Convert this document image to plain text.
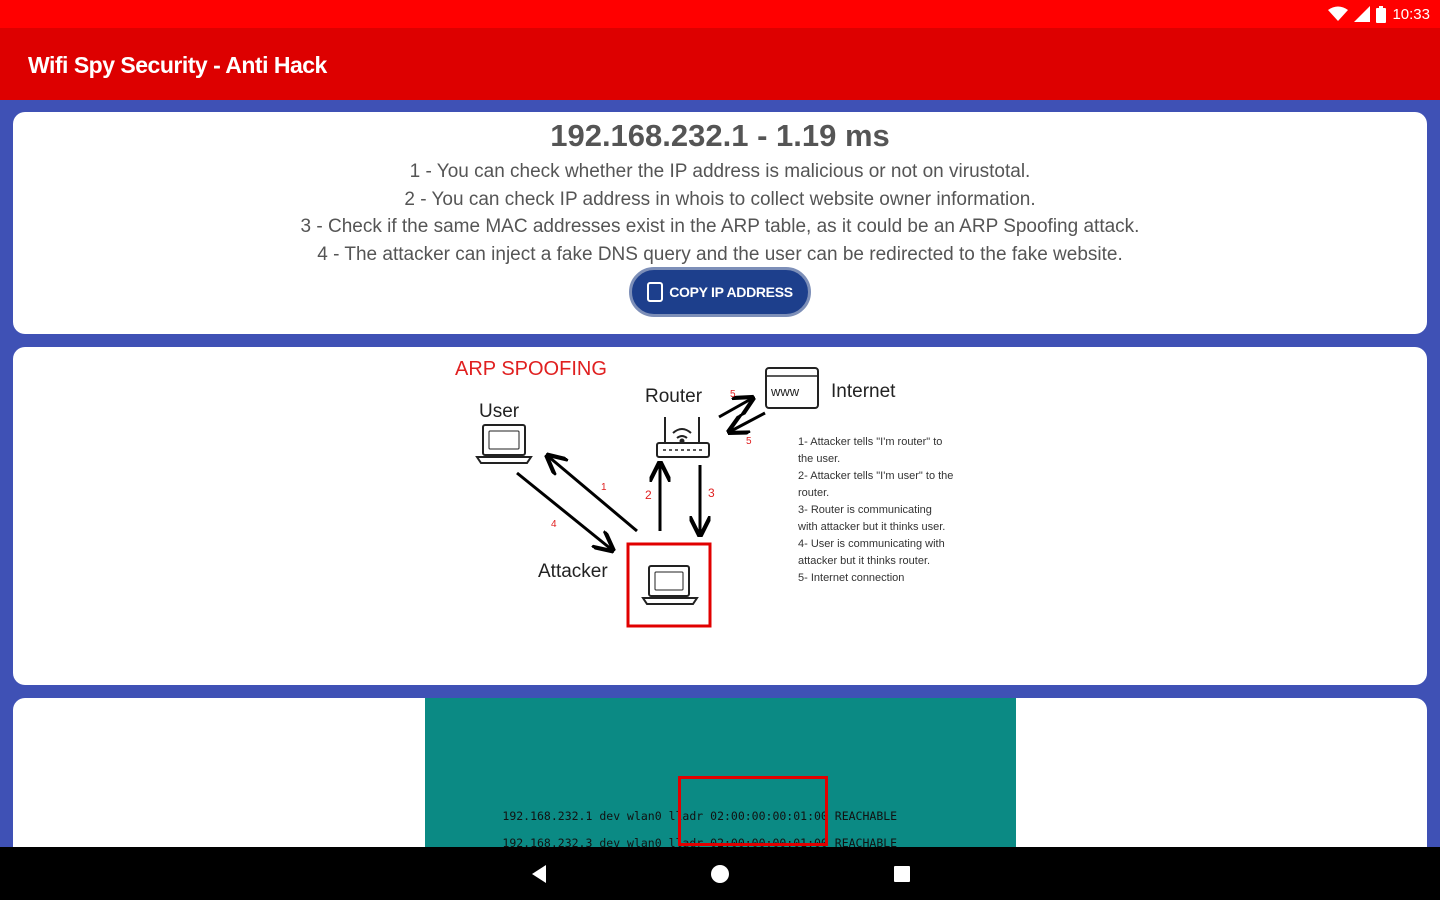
10:33
Wifi Spy Security - Anti Hack
192.168.232.1 - 1.19 ms
1 - You can check whether the IP address is malicious or not on virustotal.
2 - You can check IP address in whois to collect website owner information.
3 - Check if the same MAC addresses exist in the ARP table, as it could be an ARP Spoofing attack.
4 - The attacker can inject a fake DNS query and the user can be redirected to the fake website.
COPY IP ADDRESS
ARP SPOOFING
User
Router	www Internet
5
5
Attacker
1
4
2	3
1- Attacker tells "I'm router" to
the user.
2- Attacker tells "I'm user" to the
router.
3- Router is communicating
with attacker but it thinks user.
4- User is communicating with
attacker but it thinks router.
5- Internet connection

192.168.232.1 dev wlan0 lladr 02:00:00:00:01:00 REACHABLE

192.168.232.3 dev wlan0 lladr 02:00:00:00:01:00 REACHABLE
